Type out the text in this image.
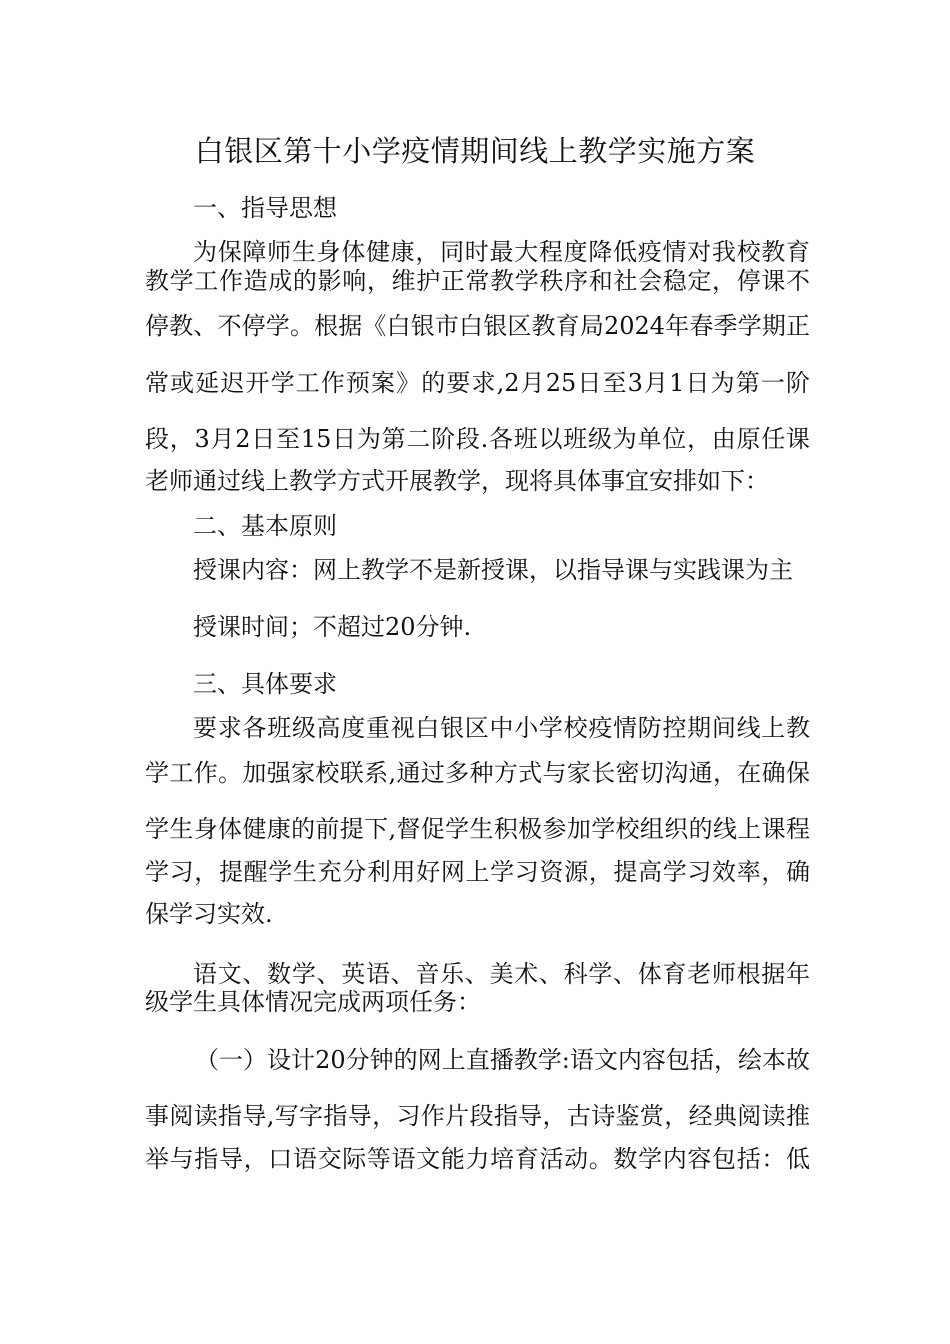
白银区第十小学疫情期间线上教学实施方案
一、指导思想
为保障师生身体健康，同时最大程度降低疫情对我校教育
教学工作造成的影响，维护正常教学秩序和社会稳定，停课不
停教、不停学。根据《白银市白银区教育局2024年春季学期正
常或延迟开学工作预案》的要求,2月25日至3月1日为第一阶
段，3月2日至15日为第二阶段.各班以班级为单位，由原任课
老师通过线上教学方式开展教学，现将具体事宜安排如下：
二、基本原则
授课内容：网上教学不是新授课，以指导课与实践课为主
授课时间；不超过20分钟.
三、具体要求
要求各班级高度重视白银区中小学校疫情防控期间线上教
学工作。加强家校联系,通过多种方式与家长密切沟通，在确保
学生身体健康的前提下,督促学生积极参加学校组织的线上课程
学习，提醒学生充分利用好网上学习资源，提高学习效率，确
保学习实效.
语文、数学、英语、音乐、美术、科学、体育老师根据年
级学生具体情况完成两项任务：
（一）设计20分钟的网上直播教学:语文内容包括，绘本故
事阅读指导,写字指导，习作片段指导，古诗鉴赏，经典阅读推
举与指导，口语交际等语文能力培育活动。数学内容包括：低
